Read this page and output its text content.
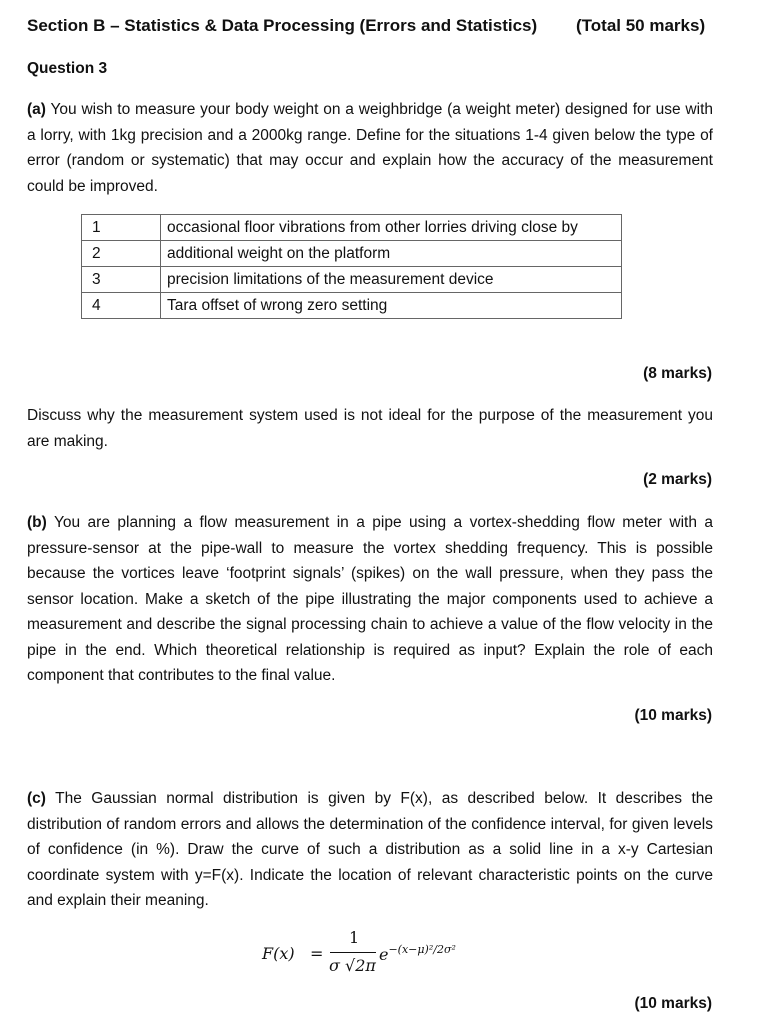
Section B – Statistics & Data Processing (Errors and Statistics) (Total 50 marks)
Question 3
(a) You wish to measure your body weight on a weighbridge (a weight meter) designed for use with a lorry, with 1kg precision and a 2000kg range. Define for the situations 1-4 given below the type of error (random or systematic) that may occur and explain how the accuracy of the measurement could be improved.
1	occasional floor vibrations from other lorries driving close by
2	additional weight on the platform
3	precision limitations of the measurement device
4	Tara offset of wrong zero setting
(8 marks)
Discuss why the measurement system used is not ideal for the purpose of the measurement you are making.
(2 marks)
(b) You are planning a flow measurement in a pipe using a vortex-shedding flow meter with a pressure-sensor at the pipe-wall to measure the vortex shedding frequency. This is possible because the vortices leave ‘footprint signals’ (spikes) on the wall pressure, when they pass the sensor location. Make a sketch of the pipe illustrating the major components used to achieve a measurement and describe the signal processing chain to achieve a value of the flow velocity in the pipe in the end. Which theoretical relationship is required as input? Explain the role of each component that contributes to the final value.
(10 marks)
(c) The Gaussian normal distribution is given by F(x), as described below. It describes the distribution of random errors and allows the determination of the confidence interval, for given levels of confidence (in %). Draw the curve of such a distribution as a solid line in a x-y Cartesian coordinate system with y=F(x). Indicate the location of relevant characteristic points on the curve and explain their meaning.
F(x) =
1
σ √2π
$e^{-(x-\mu)^2/2\sigma^2}$
(10 marks)
